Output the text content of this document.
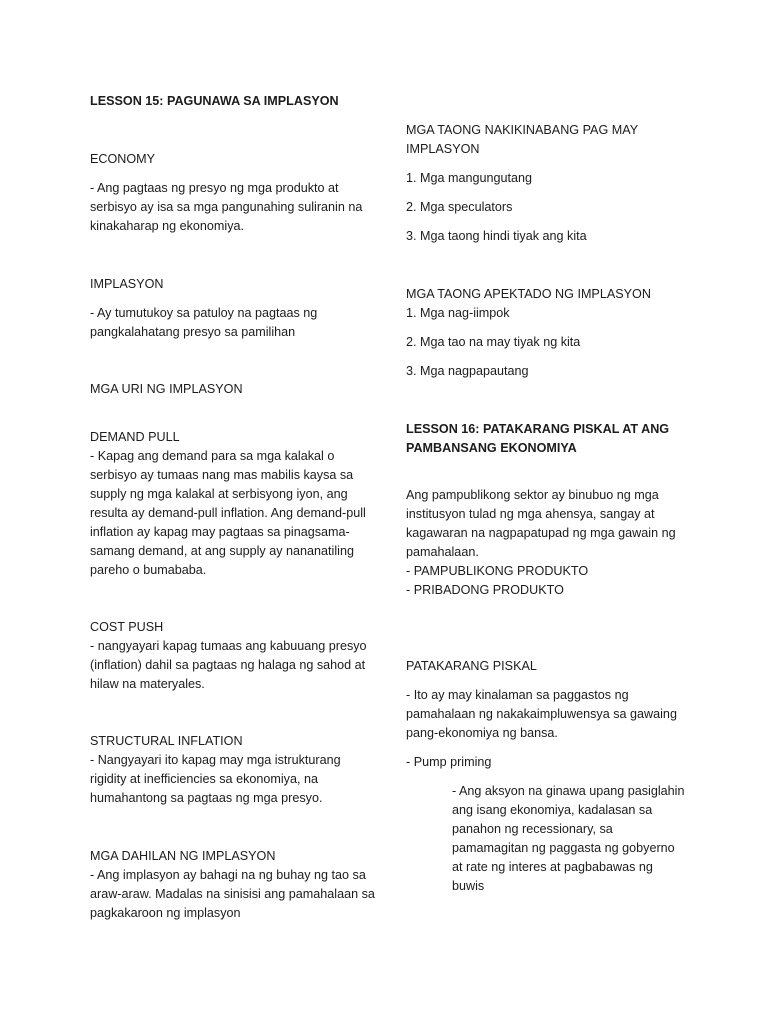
LESSON 15: PAGUNAWA SA IMPLASYON

ECONOMY

- Ang pagtaas ng presyo ng mga produkto at serbisyo ay isa sa mga pangunahing suliranin na kinakaharap ng ekonomiya.

IMPLASYON

- Ay tumutukoy sa patuloy na pagtaas ng pangkalahatang presyo sa pamilihan

MGA URI NG IMPLASYON

DEMAND PULL

- Kapag ang demand para sa mga kalakal o serbisyo ay tumaas nang mas mabilis kaysa sa supply ng mga kalakal at serbisyong iyon, ang resulta ay demand-pull inflation. Ang demand-pull inflation ay kapag may pagtaas sa pinagsama-samang demand, at ang supply ay nananatiling pareho o bumababa.

COST PUSH

- nangyayari kapag tumaas ang kabuuang presyo (inflation) dahil sa pagtaas ng halaga ng sahod at hilaw na materyales.

STRUCTURAL INFLATION

- Nangyayari ito kapag may mga istrukturang rigidity at inefficiencies sa ekonomiya, na humahantong sa pagtaas ng mga presyo.

MGA DAHILAN NG IMPLASYON

- Ang implasyon ay bahagi na ng buhay ng tao sa araw-araw. Madalas na sinisisi ang pamahalaan sa pagkakaroon ng implasyon

MGA TAONG NAKIKINABANG PAG MAY IMPLASYON

1. Mga mangungutang

2. Mga speculators

3. Mga taong hindi tiyak ang kita

MGA TAONG APEKTADO NG IMPLASYON

1. Mga nag-iimpok

2. Mga tao na may tiyak ng kita

3. Mga nagpapautang

LESSON 16: PATAKARANG PISKAL AT ANG PAMBANSANG EKONOMIYA

Ang pampublikong sektor ay binubuo ng mga institusyon tulad ng mga ahensya, sangay at kagawaran na nagpapatupad ng mga gawain ng pamahalaan.

- PAMPUBLIKONG PRODUKTO

- PRIBADONG PRODUKTO

PATAKARANG PISKAL

- Ito ay may kinalaman sa paggastos ng pamahalaan ng nakakaimpluwensya sa gawaing pang-ekonomiya ng bansa.

- Pump priming

- Ang aksyon na ginawa upang pasiglahin ang isang ekonomiya, kadalasan sa panahon ng recessionary, sa pamamagitan ng paggasta ng gobyerno at rate ng interes at pagbabawas ng buwis
